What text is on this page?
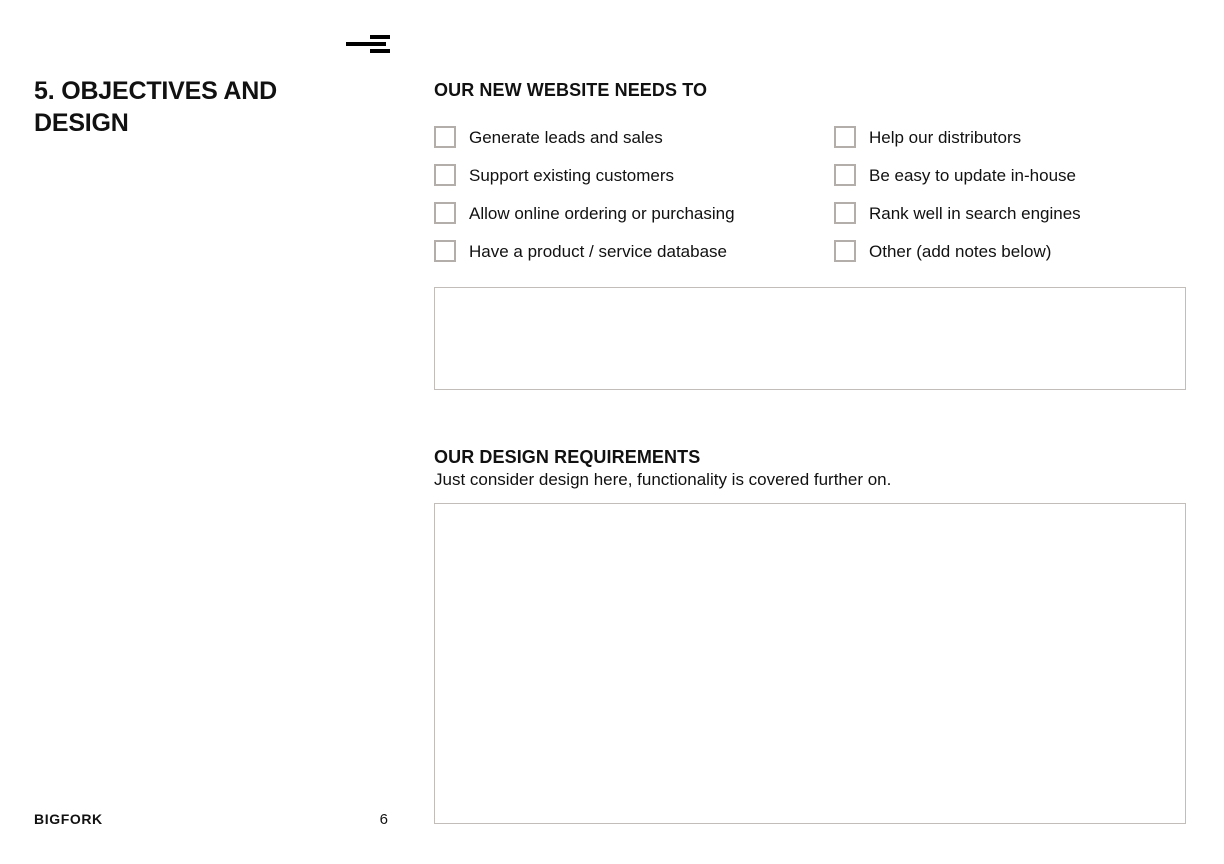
5. OBJECTIVES AND DESIGN
OUR NEW WEBSITE NEEDS TO
Generate leads and sales	Help our distributors
Support existing customers	Be easy to update in-house
Allow online ordering or purchasing	Rank well in search engines
Have a product / service database	Other (add notes below)
OUR DESIGN REQUIREMENTS

Just consider design here, functionality is covered further on.

BIGFORK	6
